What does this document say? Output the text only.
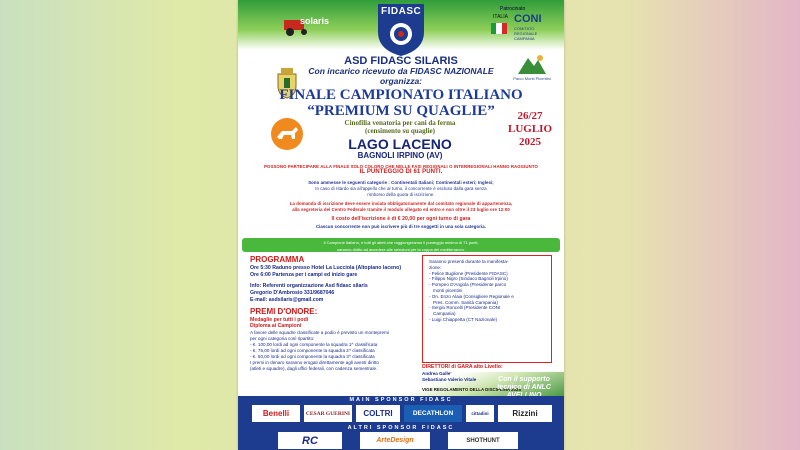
solaris
FIDASC	Patrocinato
ITALIA CONI
COMITATO REGIONALE CAMPANIA
ASD FIDASC SILARIS
Con incarico ricevuto da FIDASC NAZIONALE
organizza:
FINALE CAMPIONATO ITALIANO
“PREMIUM SU QUAGLIE”
Cinofilia venatoria per cani da ferma
(censimento su quaglie)
LAGO LACENO
BAGNOLI IRPINO (AV)
26/27
LUGLIO
2025
Parco Monti Picentini
POSSONO PARTECIPARE ALLA FINALE SOLO COLORO CHE NELLE FASI REGIONALI O INTERREGIONALI HANNO RAGGIUNTO
IL PUNTEGGIO DI 61 PUNTI.
Sono ammesse le seguenti categorie : Continentali Italiani; Continentali esteri; Inglesi;
In caso di ritardo sia all'appello che al turno, il concorrente è escluso dalla gara senza
rimborso della quota di iscrizione.
La domanda di iscrizione deve essere inviata obbligatoriamente dal comitato regionale di appartenenza,
alla segreteria del Centro Federale tramite il modulo allegato ed entro e non oltre il 23 luglio ore 12:00
Il costo dell'iscrizione è di € 20,00 per ogni turno di gara
Ciascun concorrente non può iscrivere più di tre soggetti in una sola categoria.
Il Campione Italiano, e tutti gli atleti che raggiungeranno il punteggio minimo di 71 punti,
saranno diritto ad accedere alle selezioni per la coppa del mediterraneo.
PROGRAMMA
Ore 5:30 Raduno presso Hotel La Lucciola (Altopiano laceno)
Ore 6:00 Partenza per i campi ed inizio gare
Info: Referenti organizzazione Asd fidasc silaris
Gregorio D'Ambrosio 331/9687046
E-mail: asdsilaris@gmail.com
PREMI D'ONORE:
Medaglie per tutti i podi
Diploma ai Campioni
A favore delle squadre classificate a podio è previsto un montepremi
per ogni categoria così ripartito:
- €. 100,00 lordi ad ogni componente la squadra 1^ classificata
- €. 75,00 lordi ad ogni componente la squadra 2^ classificata
- €. 50,00 lordi ad ogni componente la squadra 3^ classificata
I premi in denaro saranno erogati direttamente agli aventi diritto
(atleti e squadre), dagli uffici federali, con cadenza semestrale.
Saranno presenti durante la manifesta-
zione:
- Felice Buglione (Presidente FIDASC)
- Filippo Nigro (Sindaco Bagnoli Irpino)
- Pompeo D'Angola (Presidente parco
monti picentini
- On. Enzo Alaia (Consigliere Regionale e
Pres. Comm. Sanità Campania)
- Sergio Roncelli (Presidente CONI
Campania)
- Luigi Chiappetta (CT Nazionale)
DIRETTORI di GARA alto Livello:
Andrea Galle'
Sebastiano Valerio Vitale
VIGE REGOLAMENTO DELLA DISCIPLINA 2025
Con il supporto
tecnico di ANLC
MAIN SPONSOR FIDASC
Benelli	CESAR GUERINI	COLTRI	DECATHLON	cittadini	Rizzini
ALTRI SPONSOR FIDASC
RC	ArteDesign	SHOTHUNT
